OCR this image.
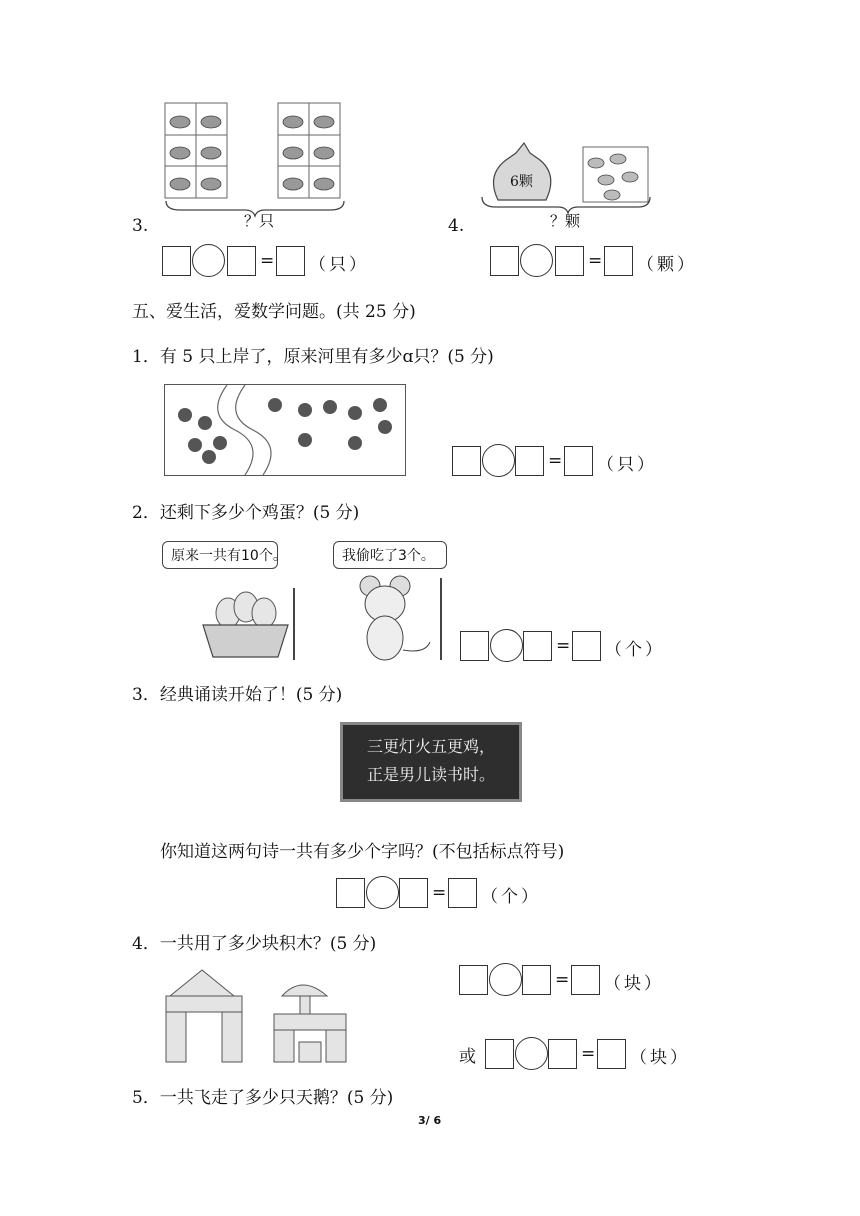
3.	？只
= （只）
6颗
4.	？颗
= （颗）
五、爱生活，爱数学问题。(共 25 分)
1．有 5 只上岸了，原来河里有多少ɑ只？(5 分)
= （只）
2．还剩下多少个鸡蛋？(5 分)
原来一共有10个。	我偷吃了3个。
= （个）
3．经典诵读开始了！(5 分)
三更灯火五更鸡，
正是男儿读书时。
你知道这两句诗一共有多少个字吗？(不包括标点符号)
= （个）
4．一共用了多少块积木？(5 分)
= （块）
或	= （块）
5．一共飞走了多少只天鹅？(5 分)
3/ 6
